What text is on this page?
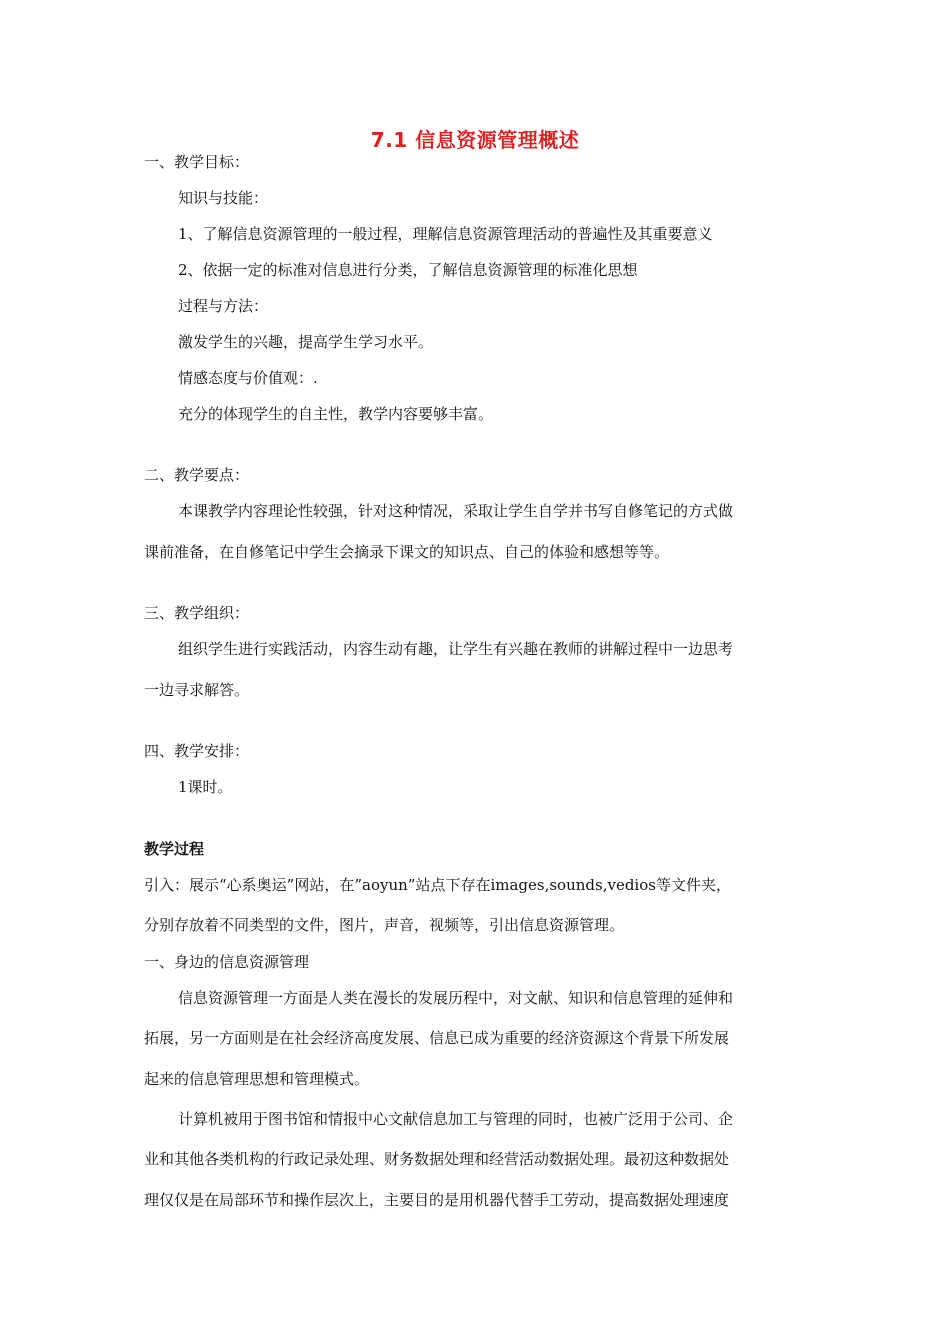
7.1 信息资源管理概述
一、教学目标：
知识与技能：
1、了解信息资源管理的一般过程，理解信息资源管理活动的普遍性及其重要意义
2、依据一定的标准对信息进行分类，了解信息资源管理的标准化思想
过程与方法：
激发学生的兴趣，提高学生学习水平。
情感态度与价值观：.
充分的体现学生的自主性，教学内容要够丰富。
二、教学要点：
本课教学内容理论性较强，针对这种情况，采取让学生自学并书写自修笔记的方式做
课前准备，在自修笔记中学生会摘录下课文的知识点、自己的体验和感想等等。
三、教学组织：
组织学生进行实践活动，内容生动有趣，让学生有兴趣在教师的讲解过程中一边思考
一边寻求解答。
四、教学安排：
1课时。
教学过程
引入：展示“心系奥运”网站，在”aoyun”站点下存在images,sounds,vedios等文件夹，
分别存放着不同类型的文件，图片，声音，视频等，引出信息资源管理。
一、身边的信息资源管理
信息资源管理一方面是人类在漫长的发展历程中，对文献、知识和信息管理的延伸和
拓展，另一方面则是在社会经济高度发展、信息已成为重要的经济资源这个背景下所发展
起来的信息管理思想和管理模式。
计算机被用于图书馆和情报中心文献信息加工与管理的同时，也被广泛用于公司、企
业和其他各类机构的行政记录处理、财务数据处理和经营活动数据处理。最初这种数据处
理仅仅是在局部环节和操作层次上，主要目的是用机器代替手工劳动，提高数据处理速度
